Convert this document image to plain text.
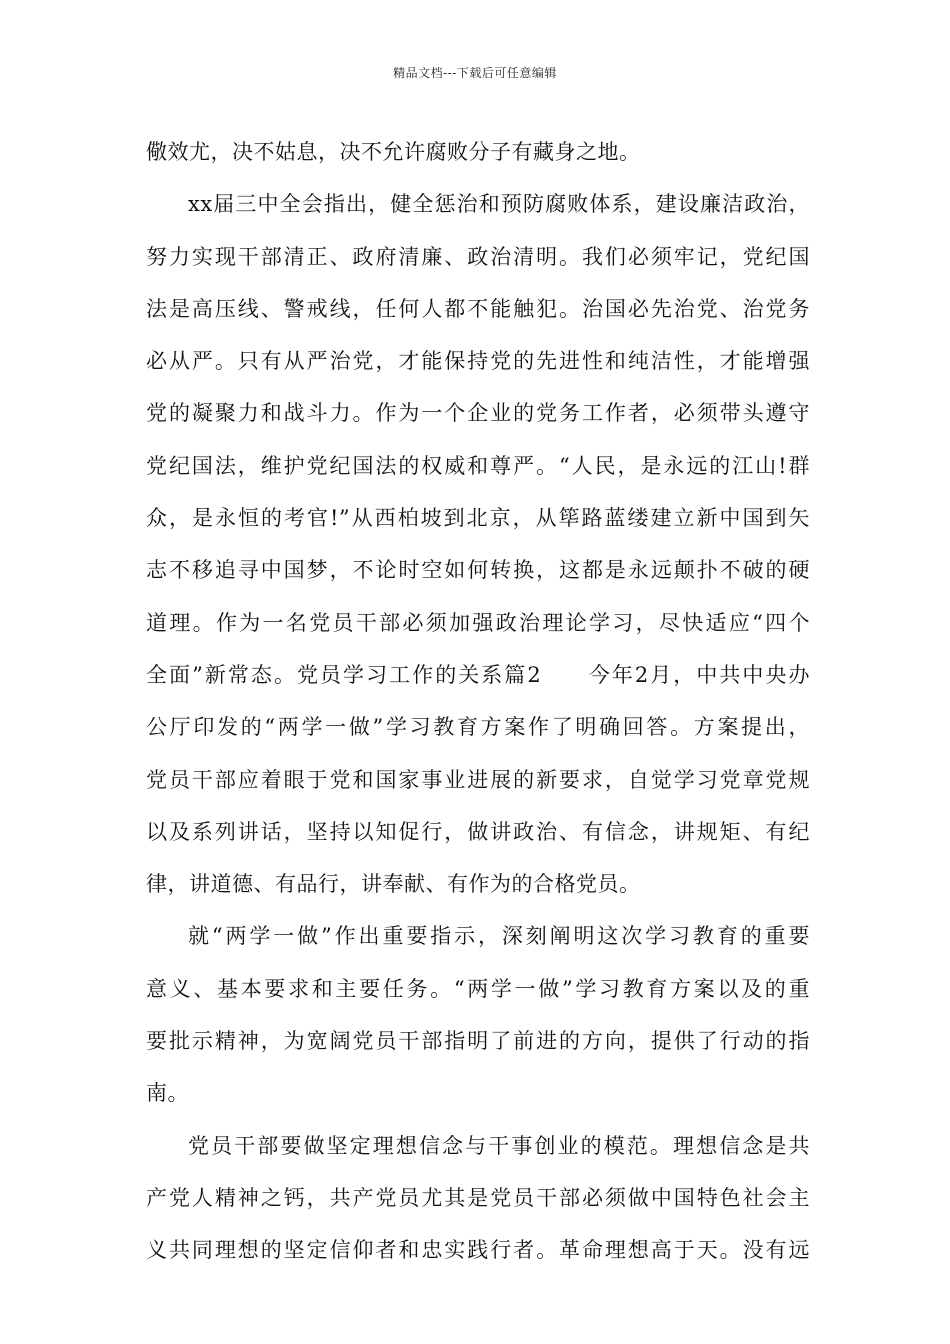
精品文档---下载后可任意编辑
儆效尤，决不姑息，决不允许腐败分子有藏身之地。
xx届三中全会指出，健全惩治和预防腐败体系，建设廉洁政治，
努力实现干部清正、政府清廉、政治清明。我们必须牢记，党纪国
法是高压线、警戒线，任何人都不能触犯。治国必先治党、治党务
必从严。只有从严治党，才能保持党的先进性和纯洁性，才能增强
党的凝聚力和战斗力。作为一个企业的党务工作者，必须带头遵守
党纪国法，维护党纪国法的权威和尊严。“人民，是永远的江山!群
众，是永恒的考官!”从西柏坡到北京，从筚路蓝缕建立新中国到矢
志不移追寻中国梦，不论时空如何转换，这都是永远颠扑不破的硬
道理。作为一名党员干部必须加强政治理论学习，尽快适应“四个
全面”新常态。党员学习工作的关系篇2　　今年2月，中共中央办
公厅印发的“两学一做”学习教育方案作了明确回答。方案提出，
党员干部应着眼于党和国家事业进展的新要求，自觉学习党章党规
以及系列讲话，坚持以知促行，做讲政治、有信念，讲规矩、有纪
律，讲道德、有品行，讲奉献、有作为的合格党员。
就“两学一做”作出重要指示，深刻阐明这次学习教育的重要
意义、基本要求和主要任务。“两学一做”学习教育方案以及的重
要批示精神，为宽阔党员干部指明了前进的方向，提供了行动的指
南。
党员干部要做坚定理想信念与干事创业的模范。理想信念是共
产党人精神之钙，共产党员尤其是党员干部必须做中国特色社会主
义共同理想的坚定信仰者和忠实践行者。革命理想高于天。没有远
